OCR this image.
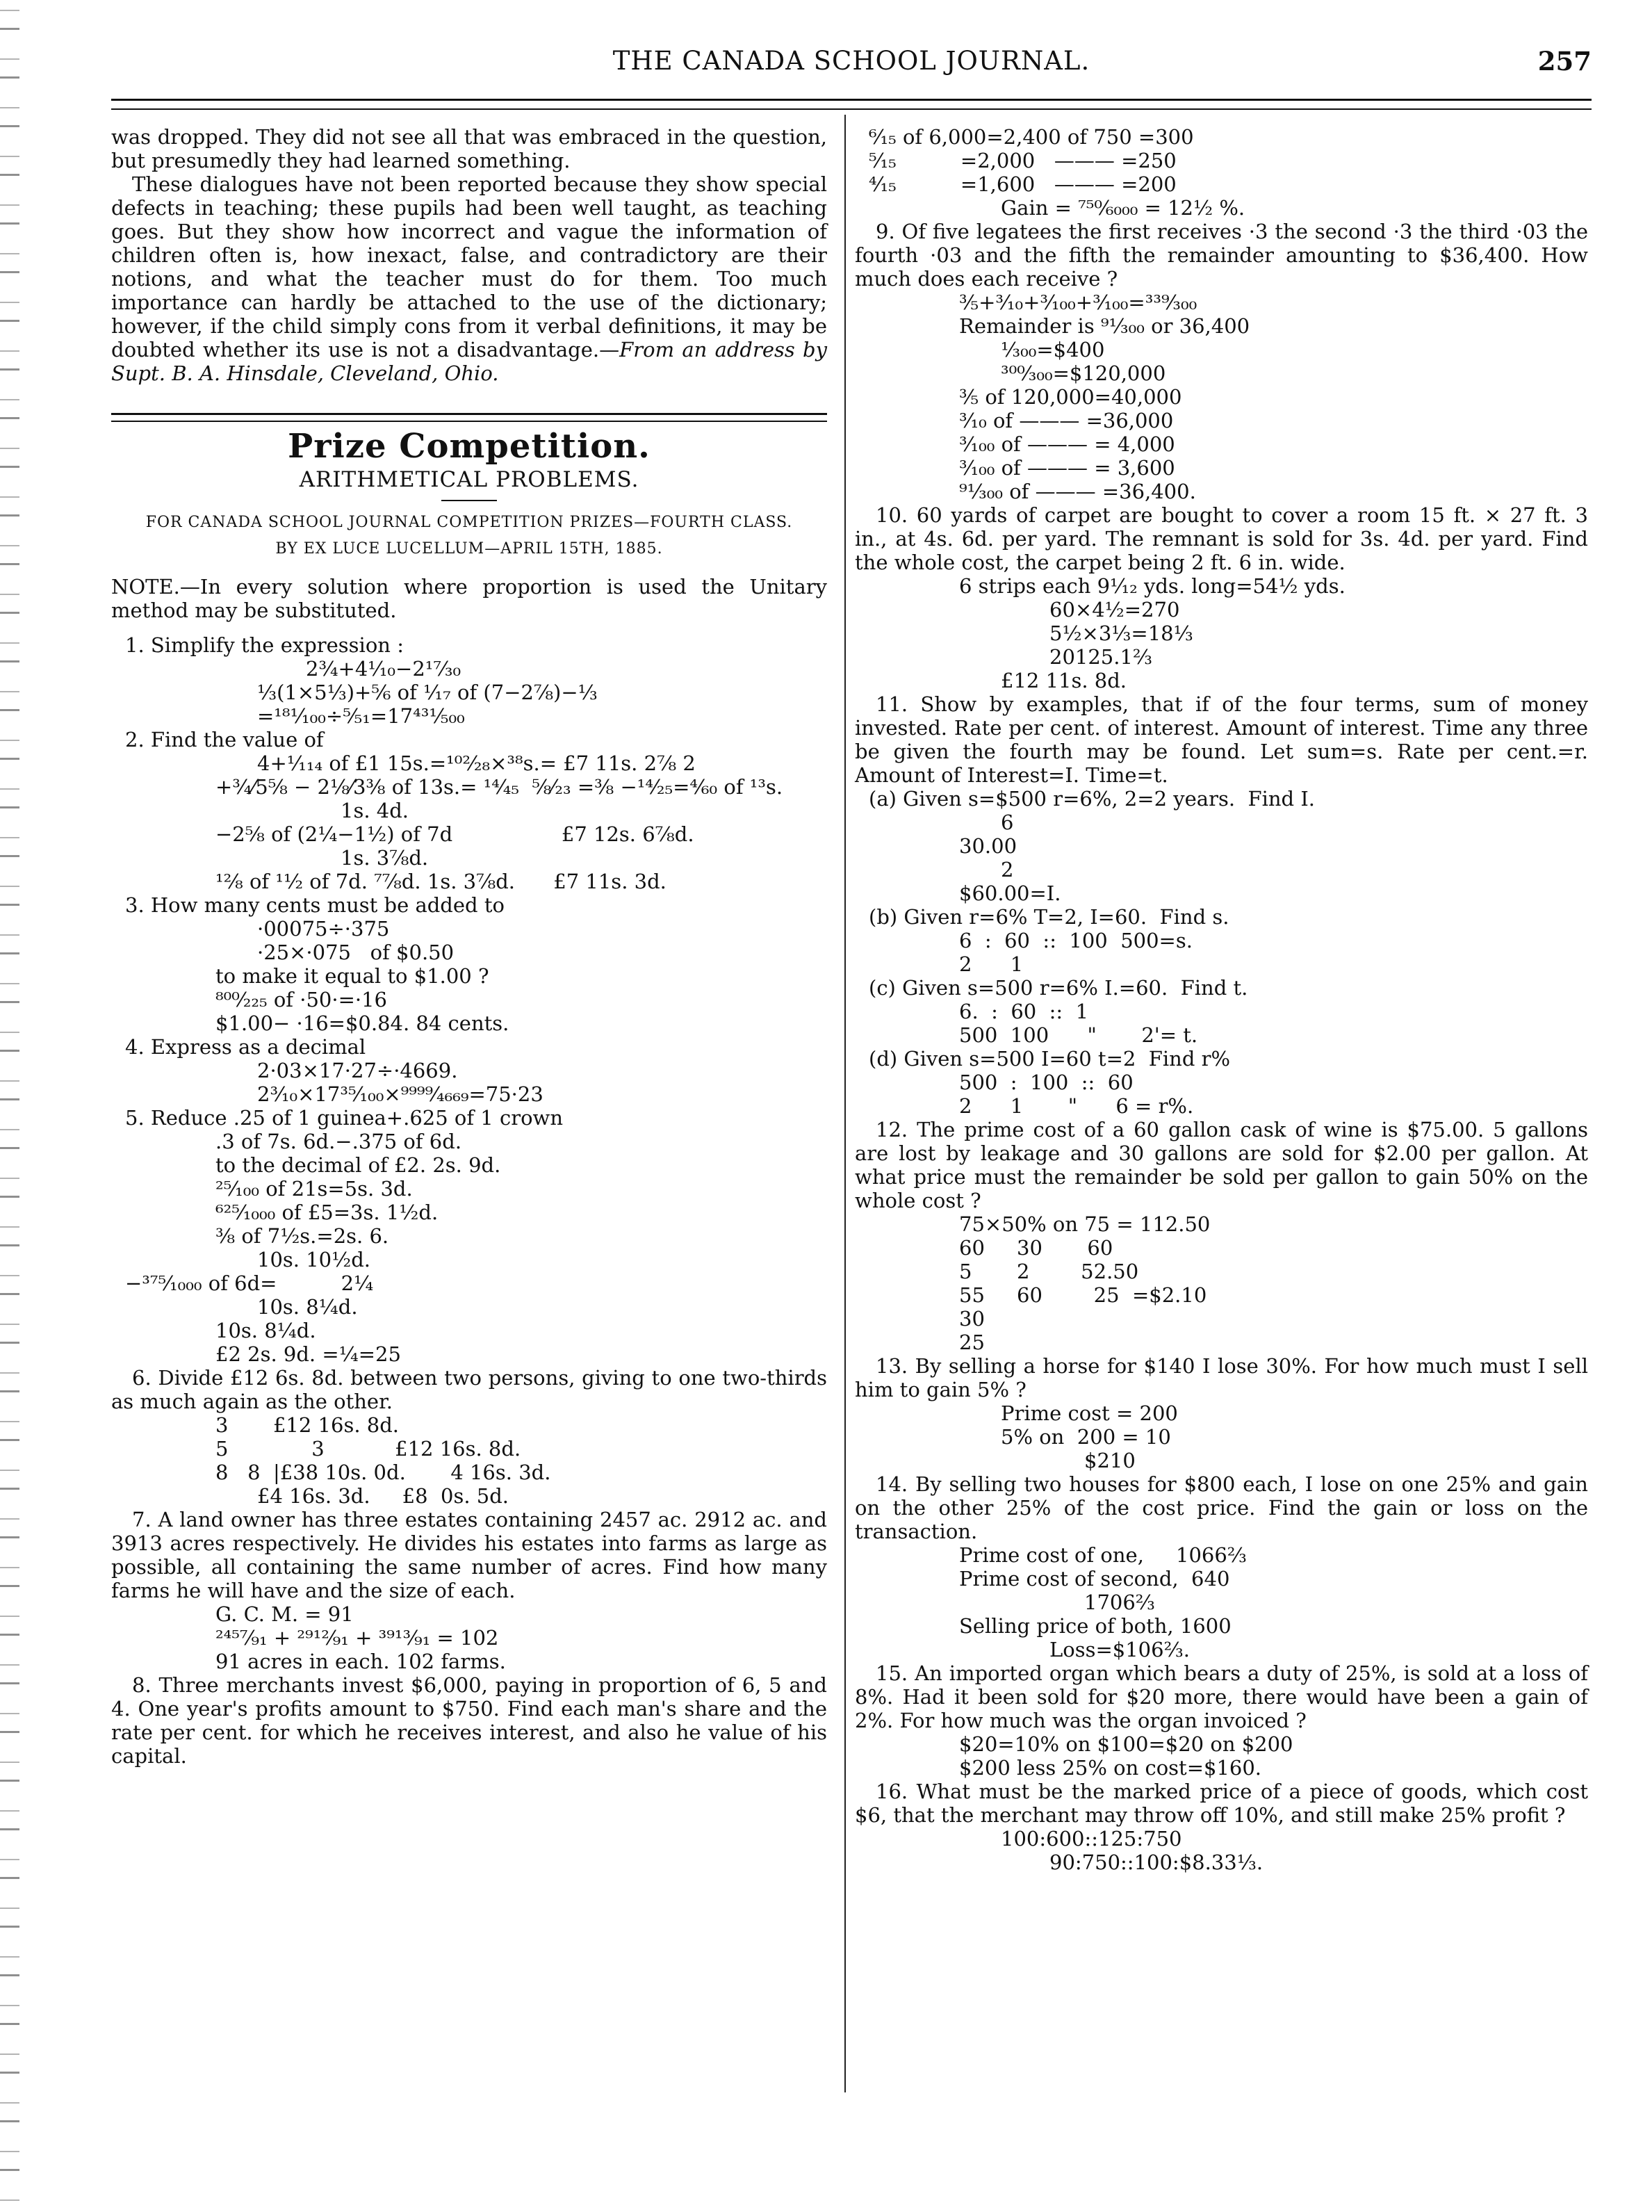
THE CANADA SCHOOL JOURNAL.	257

was dropped. They did not see all that was embraced in the question, but presumedly they had learned something.

These dialogues have not been reported because they show special defects in teaching; these pupils had been well taught, as teaching goes. But they show how incorrect and vague the information of children often is, how inexact, false, and contradictory are their notions, and what the teacher must do for them. Too much importance can hardly be attached to the use of the dictionary; however, if the child simply cons from it verbal definitions, it may be doubted whether its use is not a disadvantage.—From an address by Supt. B. A. Hinsdale, Cleveland, Ohio.

Prize Competition.
ARITHMETICAL PROBLEMS.
FOR CANADA SCHOOL JOURNAL COMPETITION PRIZES—FOURTH CLASS.
BY EX LUCE LUCELLUM—APRIL 15TH, 1885.
NOTE.—In every solution where proportion is used the Unitary method may be substituted.
1. Simplify the expression :
2¾+4¹⁄₁₀−2¹⁷⁄₃₀
⅓(1×5⅓)+⅚ of ¹⁄₁₇ of (7−2⅞)−⅓
=¹⁸¹⁄₁₀₀÷⁵⁄₅₁=17⁴³¹⁄₅₀₀
2. Find the value of
4+¹⁄₁₁₄ of £1 15s.=¹⁰²⁄₂₈×³⁸s.= £7 11s. 2⅞ 2
+¾⁄5⅝ − 2⅛⁄3⅜ of 13s.= ¹⁴⁄₄₅  ⅝⁄₂₃ =⅜ −¹⁴⁄₂₅=⁴⁄₆₀ of ¹³s.
1s. 4d.
−2⅝ of (2¼−1½) of 7d                 £7 12s. 6⅞d.
1s. 3⅞d.
¹²⁄₈ of ¹¹⁄₂ of 7d. ⁷⁷⁄₈d. 1s. 3⅞d.      £7 11s. 3d.
3. How many cents must be added to
·00075÷·375
·25×·075   of $0.50
to make it equal to $1.00 ?
⁸⁰⁰⁄₂₂₅ of ·50·=·16
$1.00− ·16=$0.84. 84 cents.
4. Express as a decimal
2·03×17·27÷·4669.
2³⁄₁₀×17³⁵⁄₁₀₀×⁹⁹⁹⁹⁄₄₆₆₉=75·23
5. Reduce .25 of 1 guinea+.625 of 1 crown
.3 of 7s. 6d.−.375 of 6d.
to the decimal of £2. 2s. 9d.
²⁵⁄₁₀₀ of 21s=5s. 3d.
⁶²⁵⁄₁₀₀₀ of £5=3s. 1½d.
⅜ of 7½s.=2s. 6.
10s. 10½d.
−³⁷⁵⁄₁₀₀₀ of 6d=          2¼
10s. 8¼d.
10s. 8¼d.
£2 2s. 9d. =¼=25
6. Divide £12 6s. 8d. between two persons, giving to one two-thirds as much again as the other.
3       £12 16s. 8d.
5             3           £12 16s. 8d.
8   8  |£38 10s. 0d.       4 16s. 3d.
£4 16s. 3d.     £8  0s. 5d.
7. A land owner has three estates containing 2457 ac. 2912 ac. and 3913 acres respectively. He divides his estates into farms as large as possible, all containing the same number of acres. Find how many farms he will have and the size of each.
G. C. M. = 91
²⁴⁵⁷⁄₉₁ + ²⁹¹²⁄₉₁ + ³⁹¹³⁄₉₁ = 102
91 acres in each. 102 farms.
8. Three merchants invest $6,000, paying in proportion of 6, 5 and 4. One year's profits amount to $750. Find each man's share and the rate per cent. for which he receives interest, and also he value of his capital.
⁶⁄₁₅ of 6,000=2,400 of 750 =300
⁵⁄₁₅          =2,000   ——— =250
⁴⁄₁₅          =1,600   ——— =200
Gain = ⁷⁵⁰⁄₆₀₀₀ = 12½ %.
9. Of five legatees the first receives ·3 the second ·3 the third ·03 the fourth ·03 and the fifth the remainder amounting to $36,400. How much does each receive ?
⅗+³⁄₁₀+³⁄₁₀₀+³⁄₁₀₀=³³⁹⁄₃₀₀
Remainder is ⁹¹⁄₃₀₀ or 36,400
¹⁄₃₀₀=$400
³⁰⁰⁄₃₀₀=$120,000
⅗ of 120,000=40,000
³⁄₁₀ of ——— =36,000
³⁄₁₀₀ of ——— = 4,000
³⁄₁₀₀ of ——— = 3,600
⁹¹⁄₃₀₀ of ——— =36,400.
10. 60 yards of carpet are bought to cover a room 15 ft. × 27 ft. 3 in., at 4s. 6d. per yard. The remnant is sold for 3s. 4d. per yard. Find the whole cost, the carpet being 2 ft. 6 in. wide.
6 strips each 9¹⁄₁₂ yds. long=54½ yds.
60×4½=270
5½×3⅓=18⅓
20125.1⅔
£12 11s. 8d.
11. Show by examples, that if of the four terms, sum of money invested. Rate per cent. of interest. Amount of interest. Time any three be given the fourth may be found. Let sum=s. Rate per cent.=r. Amount of Interest=I. Time=t.
(a) Given s=$500 r=6%, 2=2 years.  Find I.
6
30.00
2
$60.00=I.
(b) Given r=6% T=2, I=60.  Find s.
6  :  60  ::  100  500=s.
2      1
(c) Given s=500 r=6% I.=60.  Find t.
6.  :  60  ::  1
500  100      "       2'= t.
(d) Given s=500 I=60 t=2  Find r%
500  :  100  ::  60
2      1       "      6 = r%.
12. The prime cost of a 60 gallon cask of wine is $75.00. 5 gallons are lost by leakage and 30 gallons are sold for $2.00 per gallon. At what price must the remainder be sold per gallon to gain 50% on the whole cost ?
75×50% on 75 = 112.50
60     30       60
5       2        52.50
55     60        25  =$2.10
30
25
13. By selling a horse for $140 I lose 30%. For how much must I sell him to gain 5% ?
Prime cost = 200
5% on  200 = 10
$210
14. By selling two houses for $800 each, I lose on one 25% and gain on the other 25% of the cost price. Find the gain or loss on the transaction.
Prime cost of one,     1066⅔
Prime cost of second,  640
1706⅔
Selling price of both, 1600
Loss=$106⅔.
15. An imported organ which bears a duty of 25%, is sold at a loss of 8%. Had it been sold for $20 more, there would have been a gain of 2%. For how much was the organ invoiced ?
$20=10% on $100=$20 on $200
$200 less 25% on cost=$160.
16. What must be the marked price of a piece of goods, which cost $6, that the merchant may throw off 10%, and still make 25% profit ?
100:600::125:750
90:750::100:$8.33⅓.
